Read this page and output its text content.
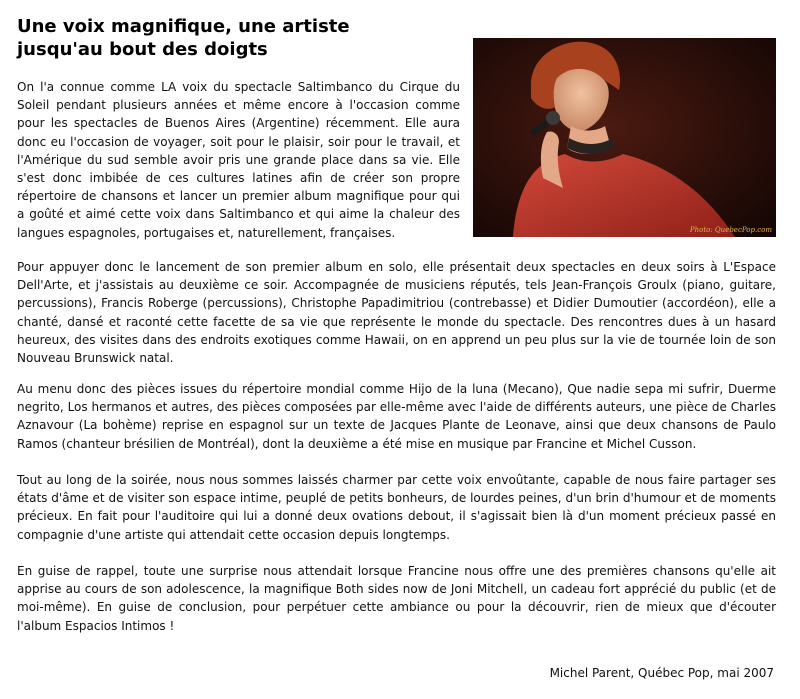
Une voix magnifique, une artiste
jusqu'au bout des doigts
Photo: QuebecPop.com

On l'a connue comme LA voix du spectacle Saltimbanco du Cirque du Soleil pendant plusieurs années et même encore à l'occasion comme pour les spectacles de Buenos Aires (Argentine) récemment. Elle aura donc eu l'occasion de voyager, soit pour le plaisir, soir pour le travail, et l'Amérique du sud semble avoir pris une grande place dans sa vie. Elle s'est donc imbibée de ces cultures latines afin de créer son propre répertoire de chansons et lancer un premier album magnifique pour qui a goûté et aimé cette voix dans Saltimbanco et qui aime la chaleur des langues espagnoles, portugaises et, naturellement, françaises.

Pour appuyer donc le lancement de son premier album en solo, elle présentait deux spectacles en deux soirs à L'Espace Dell'Arte, et j'assistais au deuxième ce soir. Accompagnée de musiciens réputés, tels Jean-François Groulx (piano, guitare, percussions), Francis Roberge (percussions), Christophe Papadimitriou (contrebasse) et Didier Dumoutier (accordéon), elle a chanté, dansé et raconté cette facette de sa vie que représente le monde du spectacle. Des rencontres dues à un hasard heureux, des visites dans des endroits exotiques comme Hawaii, on en apprend un peu plus sur la vie de tournée loin de son Nouveau Brunswick natal.

Au menu donc des pièces issues du répertoire mondial comme Hijo de la luna (Mecano), Que nadie sepa mi sufrir, Duerme negrito, Los hermanos et autres, des pièces composées par elle-même avec l'aide de différents auteurs, une pièce de Charles Aznavour (La bohème) reprise en espagnol sur un texte de Jacques Plante de Leonave, ainsi que deux chansons de Paulo Ramos (chanteur brésilien de Montréal), dont la deuxième a été mise en musique par Francine et Michel Cusson.

Tout au long de la soirée, nous nous sommes laissés charmer par cette voix envoûtante, capable de nous faire partager ses états d'âme et de visiter son espace intime, peuplé de petits bonheurs, de lourdes peines, d'un brin d'humour et de moments précieux. En fait pour l'auditoire qui lui a donné deux ovations debout, il s'agissait bien là d'un moment précieux passé en compagnie d'une artiste qui attendait cette occasion depuis longtemps.

En guise de rappel, toute une surprise nous attendait lorsque Francine nous offre une des premières chansons qu'elle ait apprise au cours de son adolescence, la magnifique Both sides now de Joni Mitchell, un cadeau fort apprécié du public (et de moi-même). En guise de conclusion, pour perpétuer cette ambiance ou pour la découvrir, rien de mieux que d'écouter l'album Espacios Intimos !

Michel Parent, Québec Pop, mai 2007
